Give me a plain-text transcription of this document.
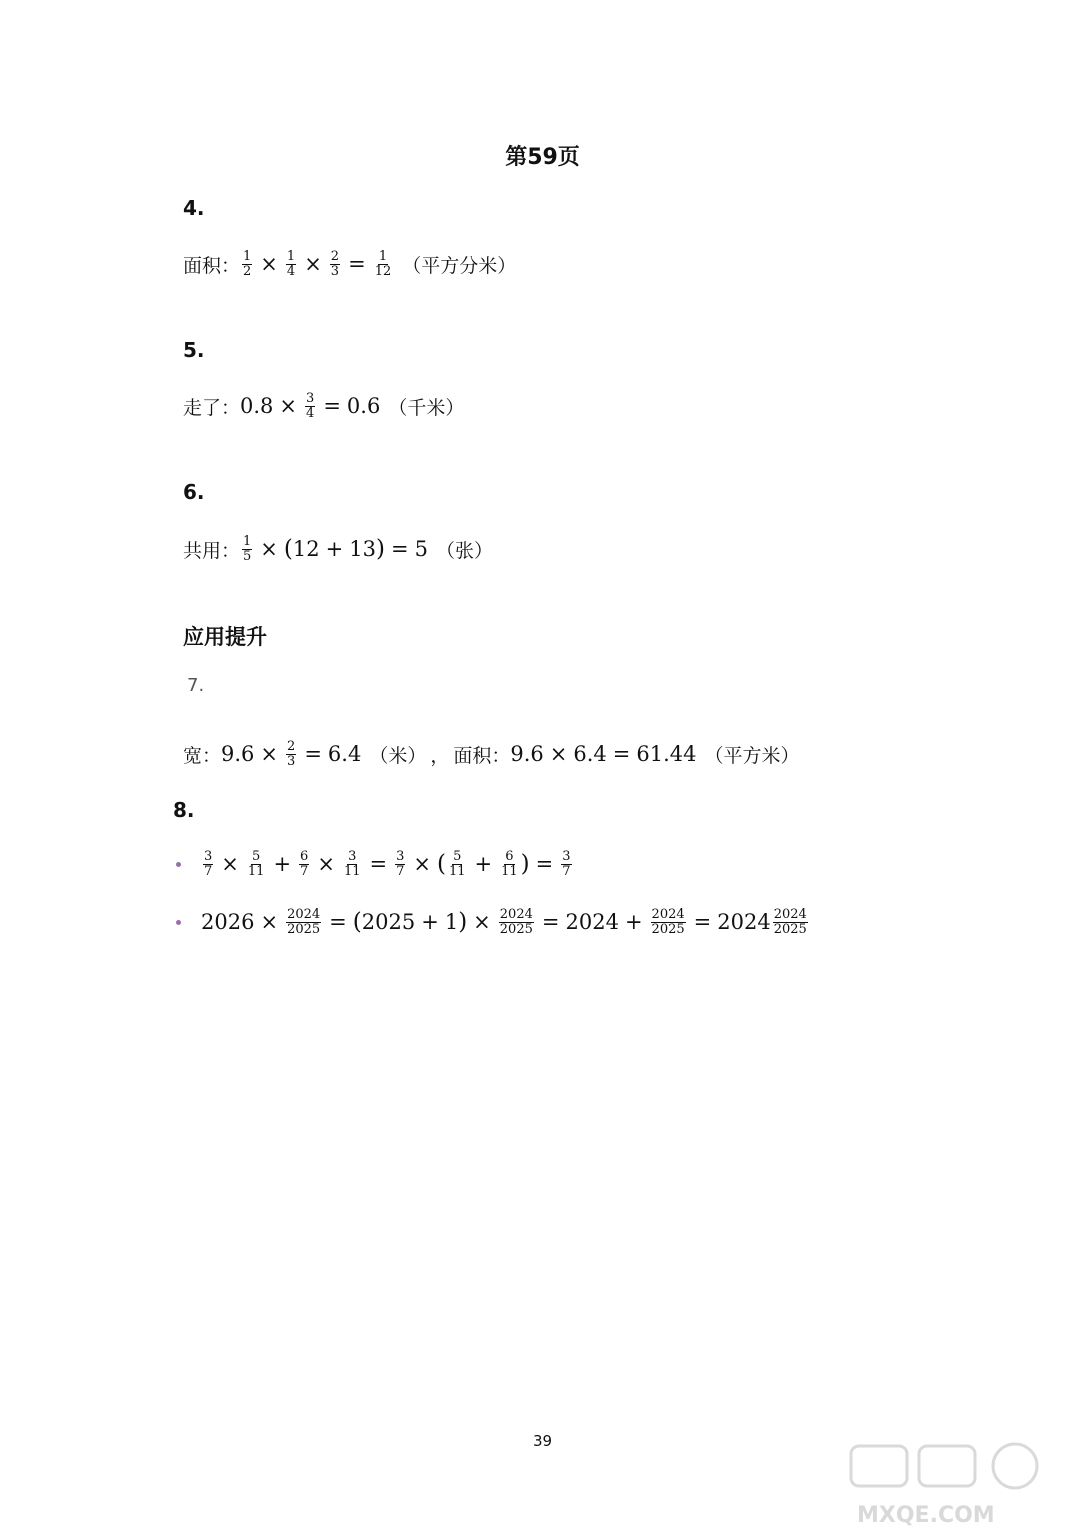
第59页
4.
面积： $\frac{1}{2} \times \frac{1}{4} \times \frac{2}{3} = \frac{1}{12}$ （平方分米）
5.
走了： $0.8 \times \frac{3}{4} = 0.6$ （千米）
6.
共用： $\frac{1}{5}$ × ( 12 + 13 ) = 5 （张）
应用提升
7.
宽： $9.6 \times \frac{2}{3} = 6.4$ （米） ， 面积： 9.6 × 6.4 = 61.44 （平方米）
8.
$\frac{3}{7} \times \frac{5}{11} + \frac{6}{7} \times \frac{3}{11} = \frac{3}{7}$ × ( $\frac{5}{11} + \frac{6}{11}$ ) = $\frac{3}{7}$
$2026 \times \frac{2024}{2025}$ = ( 2025 + 1 ) × $\frac{2024}{2025} = 2024 + \frac{2024}{2025} = 2024 \frac{2024}{2025}$
39
MXQE.COM
